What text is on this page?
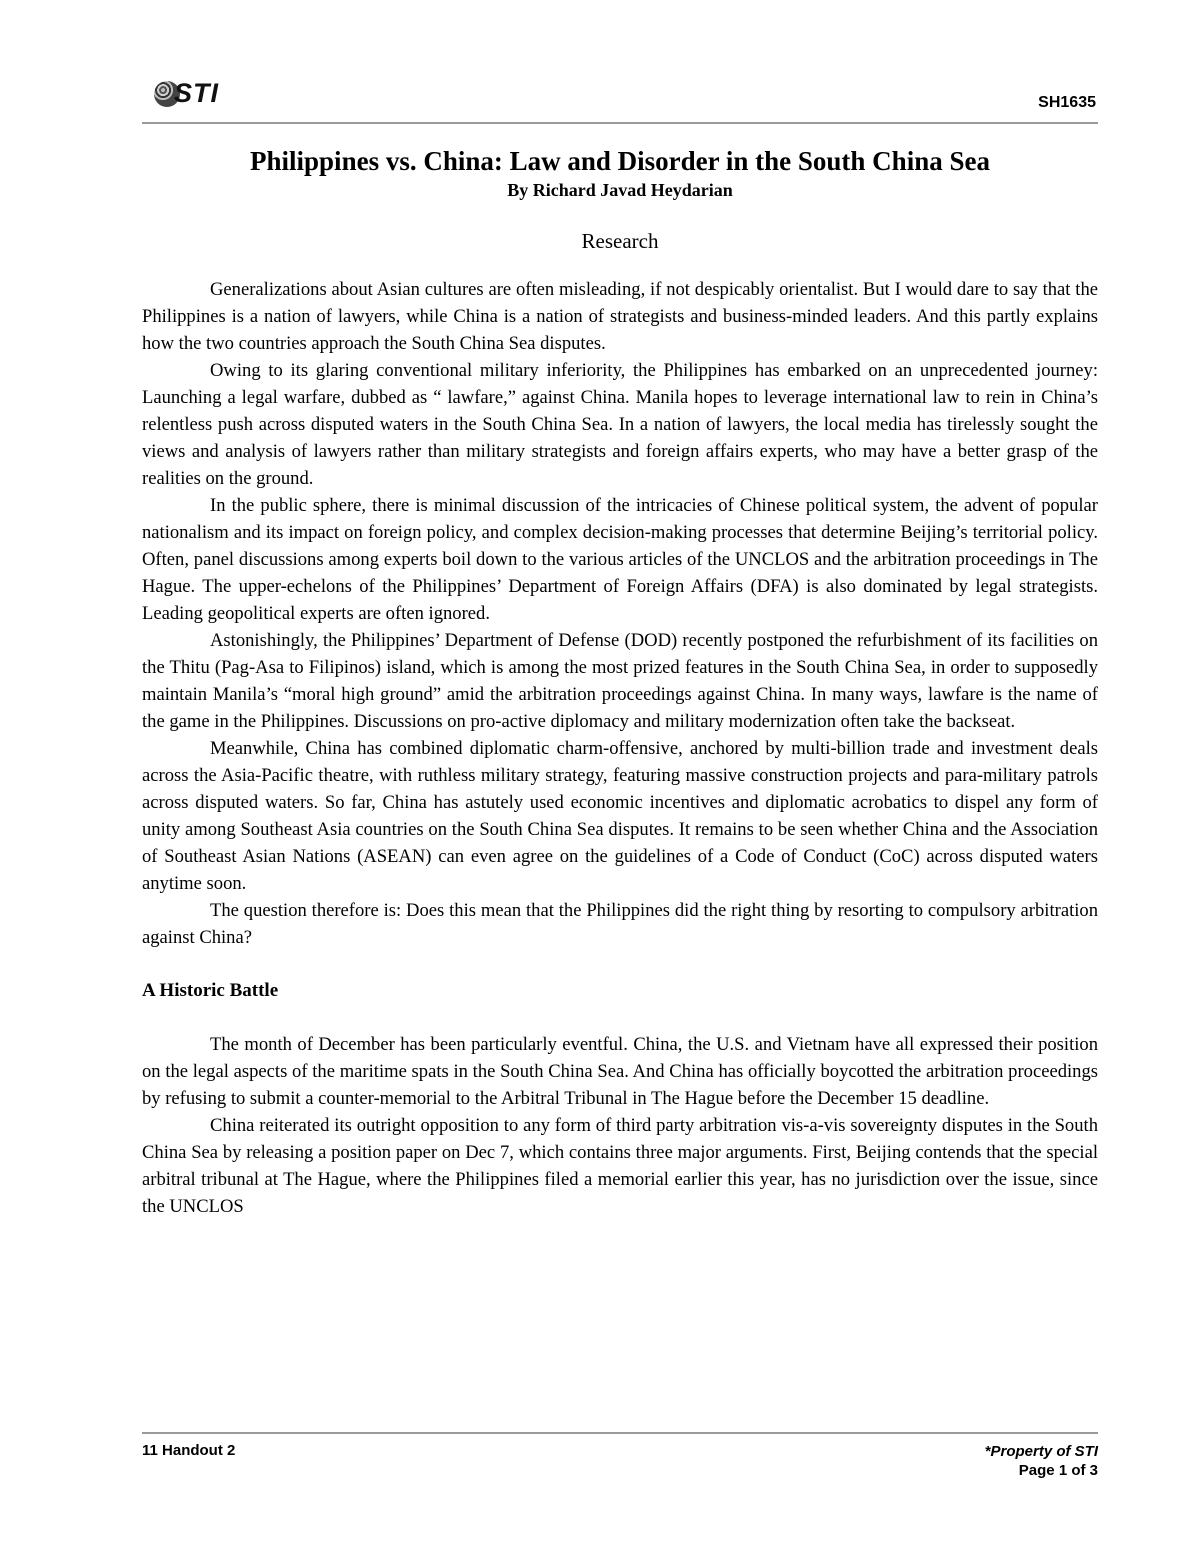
STI	SH1635
Philippines vs. China: Law and Disorder in the South China Sea

By Richard Javad Heydarian

Research

Generalizations about Asian cultures are often misleading, if not despicably orientalist. But I would dare to say that the Philippines is a nation of lawyers, while China is a nation of strategists and business-minded leaders. And this partly explains how the two countries approach the South China Sea disputes.

Owing to its glaring conventional military inferiority, the Philippines has embarked on an unprecedented journey: Launching a legal warfare, dubbed as “ lawfare,” against China. Manila hopes to leverage international law to rein in China’s relentless push across disputed waters in the South China Sea. In a nation of lawyers, the local media has tirelessly sought the views and analysis of lawyers rather than military strategists and foreign affairs experts, who may have a better grasp of the realities on the ground.

In the public sphere, there is minimal discussion of the intricacies of Chinese political system, the advent of popular nationalism and its impact on foreign policy, and complex decision-making processes that determine Beijing’s territorial policy. Often, panel discussions among experts boil down to the various articles of the UNCLOS and the arbitration proceedings in The Hague. The upper-echelons of the Philippines’ Department of Foreign Affairs (DFA) is also dominated by legal strategists. Leading geopolitical experts are often ignored.

Astonishingly, the Philippines’ Department of Defense (DOD) recently postponed the refurbishment of its facilities on the Thitu (Pag-Asa to Filipinos) island, which is among the most prized features in the South China Sea, in order to supposedly maintain Manila’s “moral high ground” amid the arbitration proceedings against China. In many ways, lawfare is the name of the game in the Philippines. Discussions on pro-active diplomacy and military modernization often take the backseat.

Meanwhile, China has combined diplomatic charm-offensive, anchored by multi-billion trade and investment deals across the Asia-Pacific theatre, with ruthless military strategy, featuring massive construction projects and para-military patrols across disputed waters. So far, China has astutely used economic incentives and diplomatic acrobatics to dispel any form of unity among Southeast Asia countries on the South China Sea disputes. It remains to be seen whether China and the Association of Southeast Asian Nations (ASEAN) can even agree on the guidelines of a Code of Conduct (CoC) across disputed waters anytime soon.

The question therefore is: Does this mean that the Philippines did the right thing by resorting to compulsory arbitration against China?

A Historic Battle

The month of December has been particularly eventful. China, the U.S. and Vietnam have all expressed their position on the legal aspects of the maritime spats in the South China Sea. And China has officially boycotted the arbitration proceedings by refusing to submit a counter-memorial to the Arbitral Tribunal in The Hague before the December 15 deadline.

China reiterated its outright opposition to any form of third party arbitration vis-a-vis sovereignty disputes in the South China Sea by releasing a position paper on Dec 7, which contains three major arguments. First, Beijing contends that the special arbitral tribunal at The Hague, where the Philippines filed a memorial earlier this year, has no jurisdiction over the issue, since the UNCLOS

11 Handout 2	*Property of STI
Page 1 of 3
